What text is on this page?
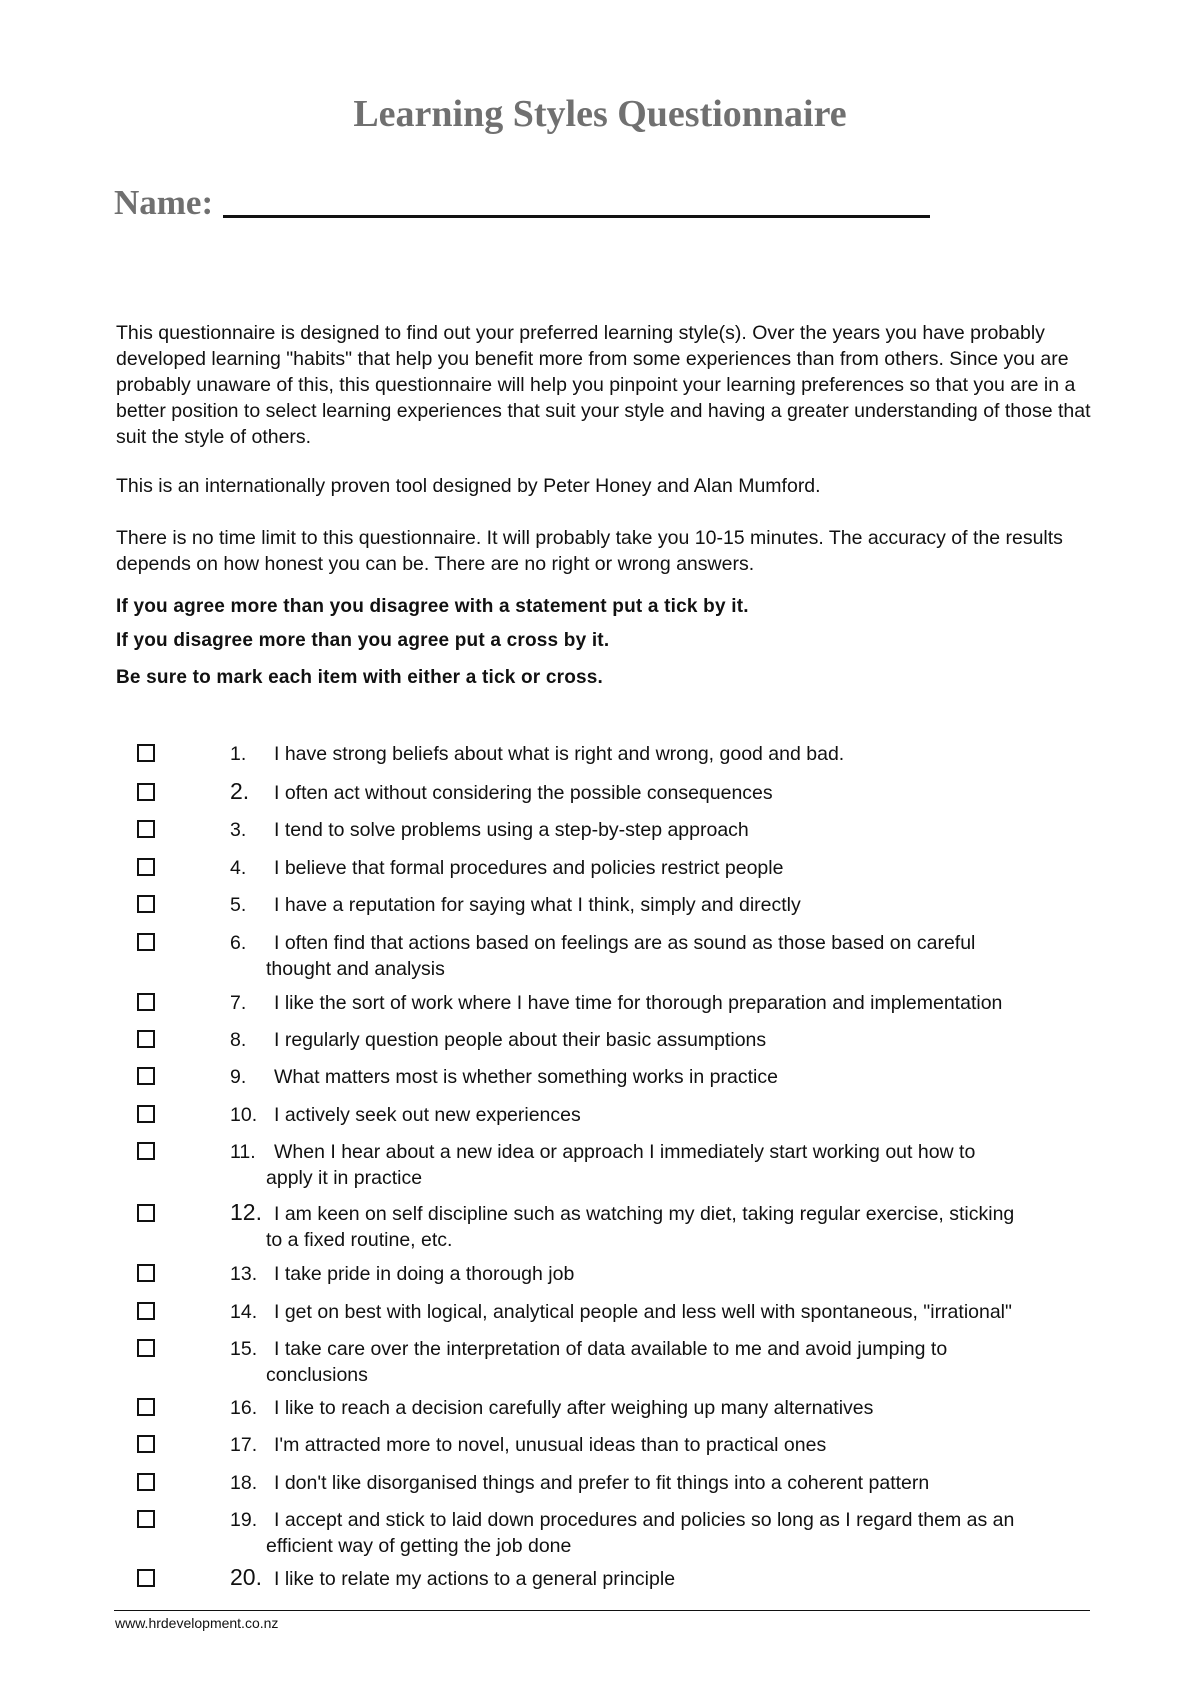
Learning Styles Questionnaire
Name:

This questionnaire is designed to find out your preferred learning style(s). Over the years you have probably developed learning "habits" that help you benefit more from some experiences than from others. Since you are probably unaware of this, this questionnaire will help you pinpoint your learning preferences so that you are in a better position to select learning experiences that suit your style and having a greater understanding of those that suit the style of others.

This is an internationally proven tool designed by Peter Honey and Alan Mumford.

There is no time limit to this questionnaire. It will probably take you 10-15 minutes. The accuracy of the results depends on how honest you can be. There are no right or wrong answers.

If you agree more than you disagree with a statement put a tick by it.

If you disagree more than you agree put a cross by it.

Be sure to mark each item with either a tick or cross.

1. I have strong beliefs about what is right and wrong, good and bad.
2. I often act without considering the possible consequences
3. I tend to solve problems using a step-by-step approach
4. I believe that formal procedures and policies restrict people
5. I have a reputation for saying what I think, simply and directly
6. I often find that actions based on feelings are as sound as those based on careful
thought and analysis
7. I like the sort of work where I have time for thorough preparation and implementation
8. I regularly question people about their basic assumptions
9. What matters most is whether something works in practice
10. I actively seek out new experiences
11. When I hear about a new idea or approach I immediately start working out how to
apply it in practice
12. I am keen on self discipline such as watching my diet, taking regular exercise, sticking
to a fixed routine, etc.
13. I take pride in doing a thorough job
14. I get on best with logical, analytical people and less well with spontaneous, "irrational"
15. I take care over the interpretation of data available to me and avoid jumping to
conclusions
16. I like to reach a decision carefully after weighing up many alternatives
17. I'm attracted more to novel, unusual ideas than to practical ones
18. I don't like disorganised things and prefer to fit things into a coherent pattern
19. I accept and stick to laid down procedures and policies so long as I regard them as an
efficient way of getting the job done
20. I like to relate my actions to a general principle
www.hrdevelopment.co.nz
